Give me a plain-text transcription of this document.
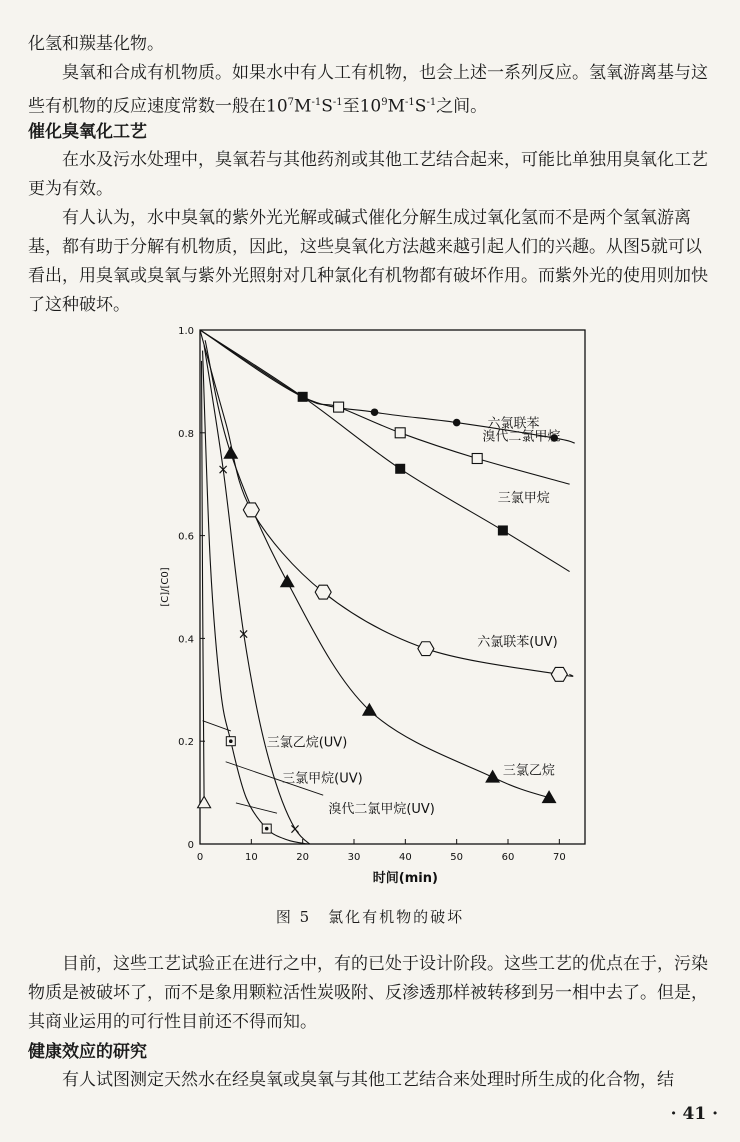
化氢和羰基化物。

臭氧和合成有机物质。如果水中有人工有机物，也会上述一系列反应。氢氧游离基与这些有机物的反应速度常数一般在$10^7M^{-1}S^{-1}$至$10^9M^{-1}S^{-1}$之间。

催化臭氧化工艺

在水及污水处理中，臭氧若与其他药剂或其他工艺结合起来，可能比单独用臭氧化工艺更为有效。

有人认为，水中臭氧的紫外光光解或碱式催化分解生成过氧化氢而不是两个氢氧游离基，都有助于分解有机物质，因此，这些臭氧化方法越来越引起人们的兴趣。从图5就可以看出，用臭氧或臭氧与紫外光照射对几种氯化有机物都有破坏作用。而紫外光的使用则加快了这种破坏。

0	10	20	30	40	50	60	70
0
0.2
0.4
0.6
0.8
1.0
时间(min)
[C]/[C0]
×
×
×
六氯联苯
溴代二氯甲烷
三氯甲烷
六氯联苯(UV)
三氯乙烷
三氯乙烷(UV)
三氯甲烷(UV)
溴代二氯甲烷(UV)
图 5　氯化有机物的破坏

目前，这些工艺试验正在进行之中，有的已处于设计阶段。这些工艺的优点在于，污染物质是被破坏了，而不是象用颗粒活性炭吸附、反渗透那样被转移到另一相中去了。但是，其商业运用的可行性目前还不得而知。

健康效应的研究

有人试图测定天然水在经臭氧或臭氧与其他工艺结合来处理时所生成的化合物，结

· 41 ·
